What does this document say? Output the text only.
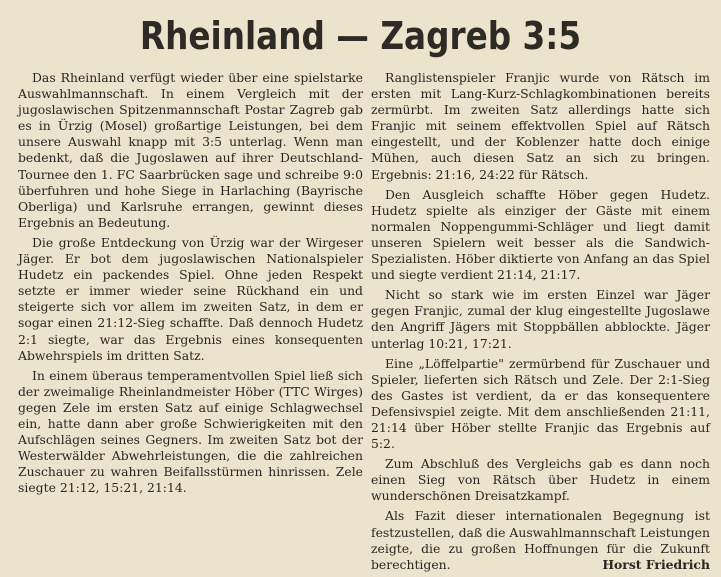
Rheinland — Zagreb 3:5

Das Rheinland verfügt wieder über eine spielstarke Auswahlmannschaft. In einem Vergleich mit der jugoslawischen Spitzenmannschaft Postar Zagreb gab es in Ürzig (Mosel) großartige Leistungen, bei dem unsere Auswahl knapp mit 3:5 unterlag. Wenn man bedenkt, daß die Jugoslawen auf ihrer Deutschland-Tournee den 1. FC Saarbrücken sage und schreibe 9:0 überfuhren und hohe Siege in Harlaching (Bayrische Oberliga) und Karlsruhe errangen, gewinnt dieses Ergebnis an Bedeutung.

Die große Entdeckung von Ürzig war der Wirgeser Jäger. Er bot dem jugoslawischen Nationalspieler Hudetz ein packendes Spiel. Ohne jeden Respekt setzte er immer wieder seine Rückhand ein und steigerte sich vor allem im zweiten Satz, in dem er sogar einen 21:12-Sieg schaffte. Daß dennoch Hudetz 2:1 siegte, war das Ergebnis eines konsequenten Abwehrspiels im dritten Satz.

In einem überaus temperamentvollen Spiel ließ sich der zweimalige Rheinlandmeister Höber (TTC Wirges) gegen Zele im ersten Satz auf einige Schlagwechsel ein, hatte dann aber große Schwierigkeiten mit den Aufschlägen seines Gegners. Im zweiten Satz bot der Westerwälder Abwehrleistungen, die die zahlreichen Zuschauer zu wahren Beifallsstürmen hinrissen. Zele siegte 21:12, 15:21, 21:14.

Ranglistenspieler Franjic wurde von Rätsch im ersten mit Lang-Kurz-Schlagkombinationen bereits zermürbt. Im zweiten Satz allerdings hatte sich Franjic mit seinem effektvollen Spiel auf Rätsch eingestellt, und der Koblenzer hatte doch einige Mühen, auch diesen Satz an sich zu bringen. Ergebnis: 21:16, 24:22 für Rätsch.

Den Ausgleich schaffte Höber gegen Hudetz. Hudetz spielte als einziger der Gäste mit einem normalen Noppengummi-Schläger und liegt damit unseren Spielern weit besser als die Sandwich-Spezialisten. Höber diktierte von Anfang an das Spiel und siegte verdient 21:14, 21:17.

Nicht so stark wie im ersten Einzel war Jäger gegen Franjic, zumal der klug eingestellte Jugoslawe den Angriff Jägers mit Stoppbällen abblockte. Jäger unterlag 10:21, 17:21.

Eine „Löffelpartie" zermürbend für Zuschauer und Spieler, lieferten sich Rätsch und Zele. Der 2:1-Sieg des Gastes ist verdient, da er das konsequentere Defensivspiel zeigte. Mit dem anschließenden 21:11, 21:14 über Höber stellte Franjic das Ergebnis auf 5:2.

Zum Abschluß des Vergleichs gab es dann noch einen Sieg von Rätsch über Hudetz in einem wunderschönen Dreisatzkampf.

Als Fazit dieser internationalen Begegnung ist festzustellen, daß die Auswahlmannschaft Leistungen zeigte, die zu großen Hoffnungen für die Zukunft berechtigen.	Horst Friedrich
